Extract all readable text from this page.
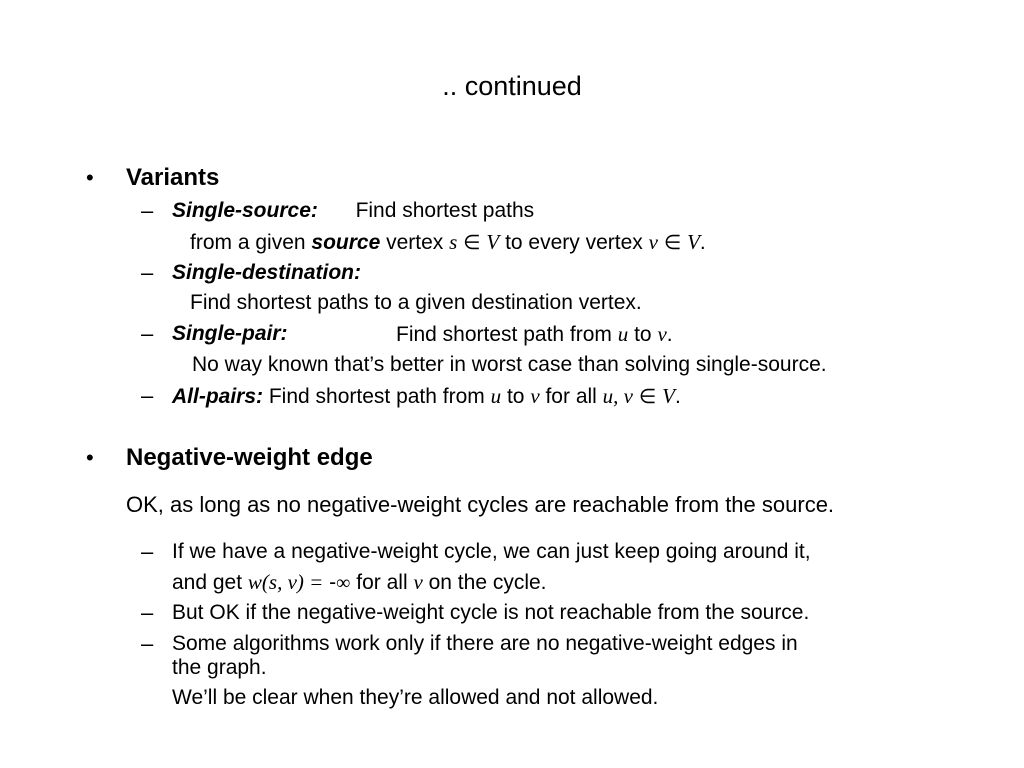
.. continued
• Variants
– Single-source: Find shortest paths
from a given source vertex s ∈ V to every vertex v ∈ V.
– Single-destination:
Find shortest paths to a given destination vertex.
– Single-pair:	Find shortest path from u to v.
No way known that’s better in worst case than solving single-source.
– All-pairs: Find shortest path from u to v for all u, v ∈ V.
• Negative-weight edge
OK, as long as no negative-weight cycles are reachable from the source.
– If we have a negative-weight cycle, we can just keep going around it,
and get w(s, v) = -∞ for all v on the cycle.
– But OK if the negative-weight cycle is not reachable from the source.
– Some algorithms work only if there are no negative-weight edges in
the graph.
We’ll be clear when they’re allowed and not allowed.
